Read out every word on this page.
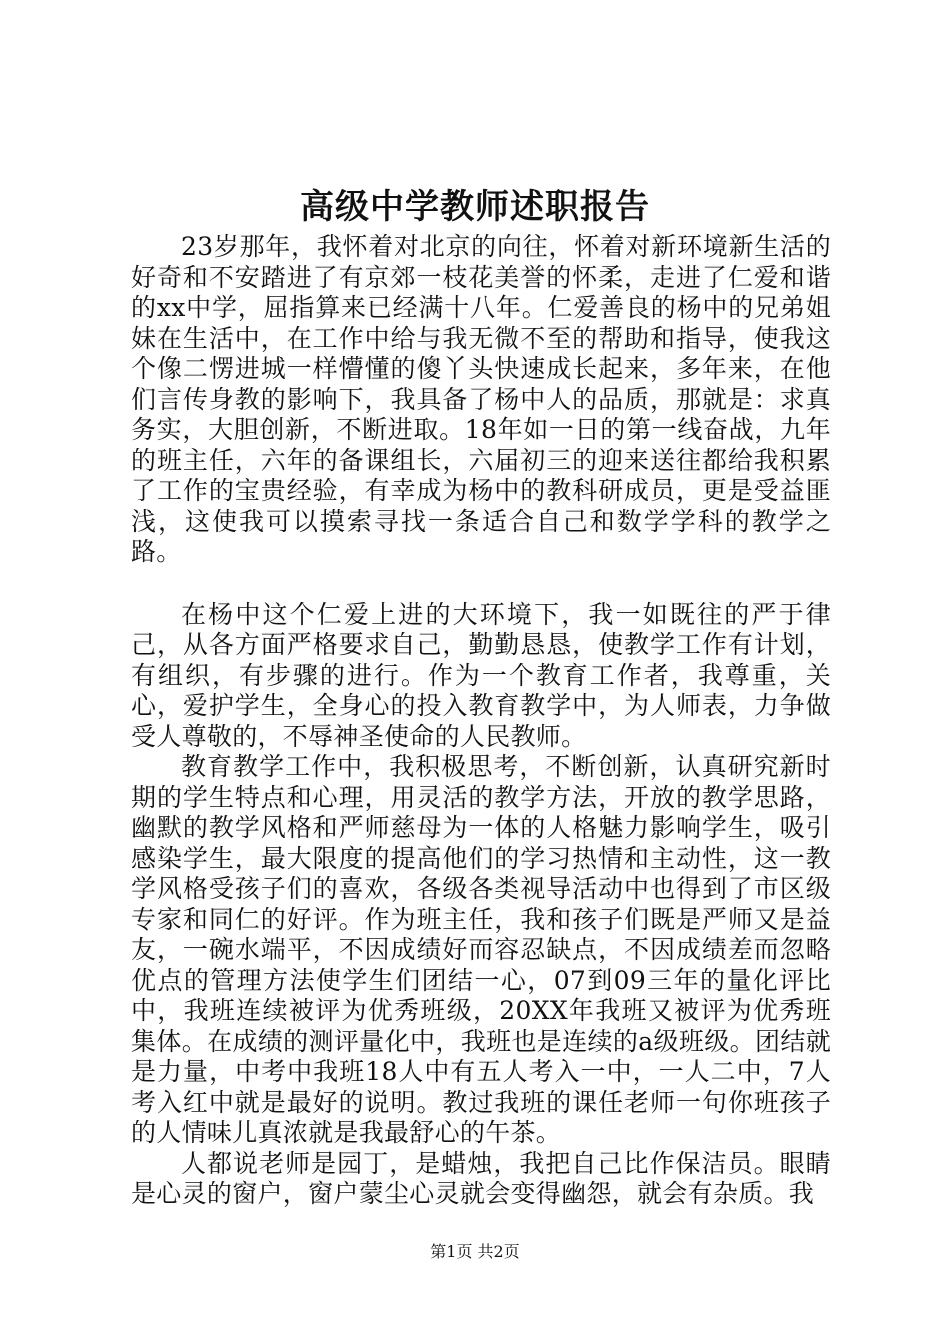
高级中学教师述职报告

23岁那年，我怀着对北京的向往，怀着对新环境新生活的好奇和不安踏进了有京郊一枝花美誉的怀柔，走进了仁爱和谐的xx中学，屈指算来已经满十八年。仁爱善良的杨中的兄弟姐妹在生活中，在工作中给与我无微不至的帮助和指导，使我这个像二愣进城一样懵懂的傻丫头快速成长起来，多年来，在他们言传身教的影响下，我具备了杨中人的品质，那就是：求真务实，大胆创新，不断进取。18年如一日的第一线奋战，九年的班主任，六年的备课组长，六届初三的迎来送往都给我积累了工作的宝贵经验，有幸成为杨中的教科研成员，更是受益匪浅，这使我可以摸索寻找一条适合自己和数学学科的教学之路。

在杨中这个仁爱上进的大环境下，我一如既往的严于律己，从各方面严格要求自己，勤勤恳恳，使教学工作有计划，有组织，有步骤的进行。作为一个教育工作者，我尊重，关心，爱护学生，全身心的投入教育教学中，为人师表，力争做受人尊敬的，不辱神圣使命的人民教师。

教育教学工作中，我积极思考，不断创新，认真研究新时期的学生特点和心理，用灵活的教学方法，开放的教学思路，幽默的教学风格和严师慈母为一体的人格魅力影响学生，吸引感染学生，最大限度的提高他们的学习热情和主动性，这一教学风格受孩子们的喜欢，各级各类视导活动中也得到了市区级专家和同仁的好评。作为班主任，我和孩子们既是严师又是益友，一碗水端平，不因成绩好而容忍缺点，不因成绩差而忽略优点的管理方法使学生们团结一心，07到09三年的量化评比中，我班连续被评为优秀班级，20XX年我班又被评为优秀班集体。在成绩的测评量化中，我班也是连续的a级班级。团结就是力量，中考中我班18人中有五人考入一中，一人二中，7人考入红中就是最好的说明。教过我班的课任老师一句你班孩子的人情味儿真浓就是我最舒心的午茶。

人都说老师是园丁，是蜡烛，我把自己比作保洁员。眼睛是心灵的窗户，窗户蒙尘心灵就会变得幽怨，就会有杂质。我

第1页 共2页
